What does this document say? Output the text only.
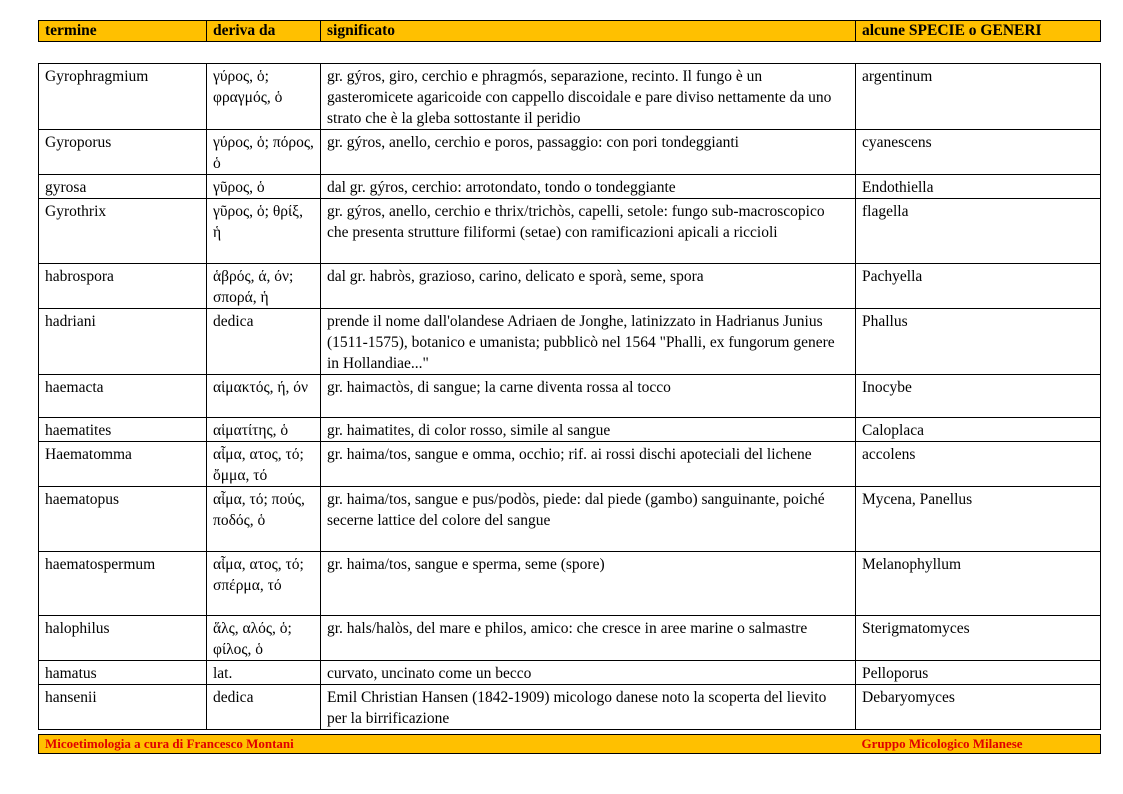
termine	deriva da	significato	alcune SPECIE o GENERI
Gyrophragmium	γύρος, ὁ; φραγμός, ὁ	gr. gýros, giro, cerchio e phragmós, separazione, recinto. Il fungo è un gasteromicete agaricoide con cappello discoidale e pare diviso nettamente da uno strato che è la gleba sottostante il peridio	argentinum
Gyroporus	γύρος, ὁ; πόρος, ὁ	gr. gýros, anello, cerchio e poros, passaggio: con pori tondeggianti	cyanescens
gyrosa	γῦρος, ὁ	dal gr. gýros, cerchio: arrotondato, tondo o tondeggiante	Endothiella
Gyrothrix	γῦρος, ὁ; θρίξ, ἡ	gr. gýros, anello, cerchio e thrix/trichòs, capelli, setole: fungo sub-macroscopico che presenta strutture filiformi (setae) con ramificazioni apicali a riccioli	flagella
habrospora	ἁβρός, ά, όν; σπορά, ἡ	dal gr. habròs, grazioso, carino, delicato e sporà, seme, spora	Pachyella
hadriani	dedica	prende il nome dall'olandese Adriaen de Jonghe, latinizzato in Hadrianus Junius (1511-1575), botanico e umanista; pubblicò nel 1564 "Phalli, ex fungorum genere in Hollandiae..."	Phallus
haemacta	αἱμακτός, ή, όν	gr. haimactòs, di sangue; la carne diventa rossa al tocco	Inocybe
haematites	αἱματίτης, ὁ	gr. haimatites, di color rosso, simile al sangue	Caloplaca
Haematomma	αἷμα, ατος, τό; ὄμμα, τό	gr. haima/tos, sangue e omma, occhio; rif. ai rossi dischi apoteciali del lichene	accolens
haematopus	αἷμα, τό; πούς, ποδός, ὁ	gr. haima/tos, sangue e pus/podòs, piede: dal piede (gambo) sanguinante, poiché secerne lattice del colore del sangue	Mycena, Panellus
haematospermum	αἷμα, ατος, τό; σπέρμα, τό	gr. haima/tos, sangue e sperma, seme (spore)	Melanophyllum
halophilus	ἅλς, αλός, ὁ; φίλος, ὁ	gr. hals/halòs, del mare e philos, amico: che cresce in aree marine o salmastre	Sterigmatomyces
hamatus	lat.	curvato, uncinato come un becco	Pelloporus
hansenii	dedica	Emil Christian Hansen (1842-1909) micologo danese noto la scoperta del lievito per la birrificazione	Debaryomyces
Micoetimologia a cura di Francesco Montani	Gruppo Micologico Milanese
